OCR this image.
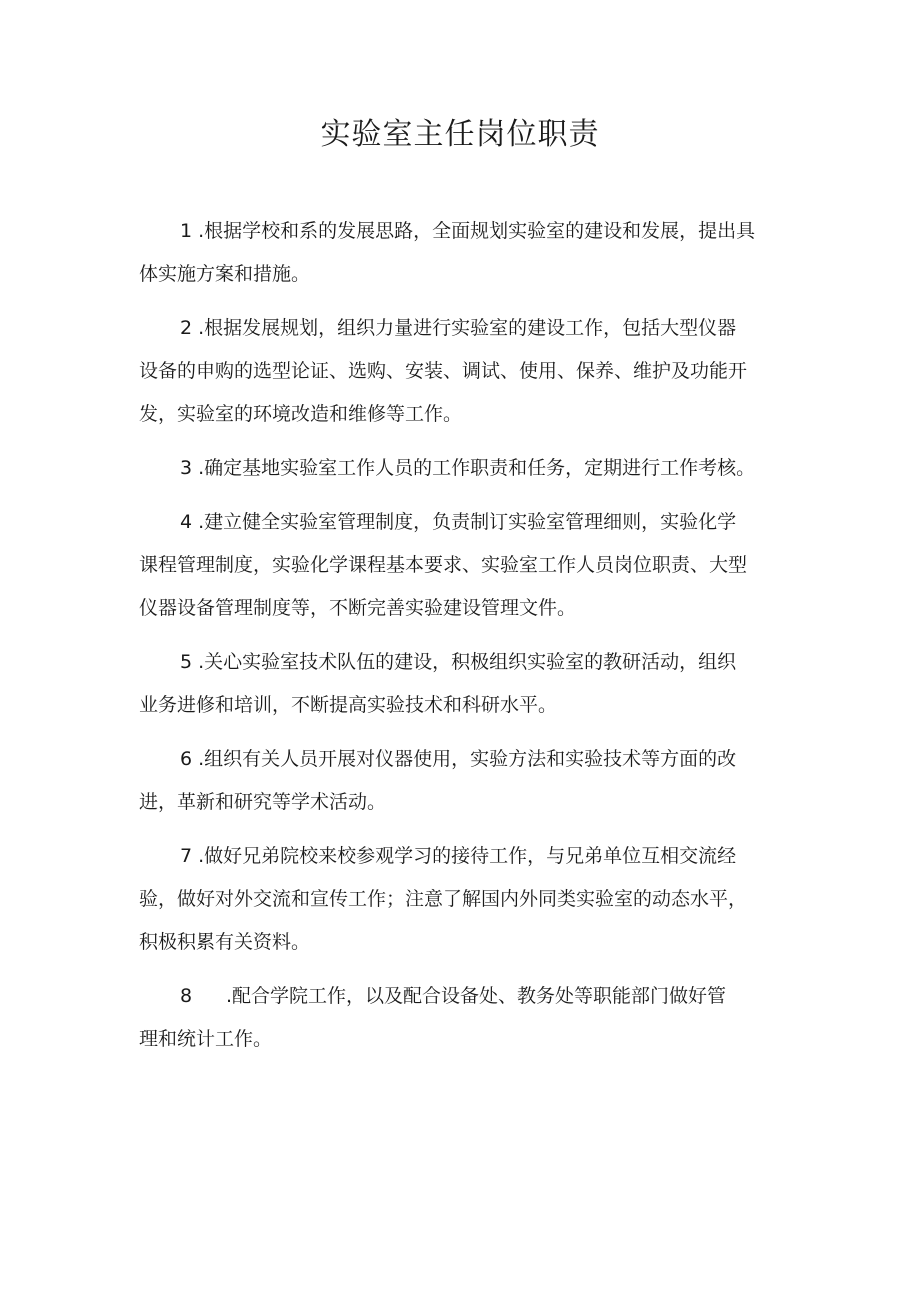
实验室主任岗位职责
1 .根据学校和系的发展思路，全面规划实验室的建设和发展，提出具
体实施方案和措施。
2 .根据发展规划，组织力量进行实验室的建设工作，包括大型仪器
设备的申购的选型论证、选购、安装、调试、使用、保养、维护及功能开
发，实验室的环境改造和维修等工作。
3 .确定基地实验室工作人员的工作职责和任务，定期进行工作考核。
4 .建立健全实验室管理制度，负责制订实验室管理细则，实验化学
课程管理制度，实验化学课程基本要求、实验室工作人员岗位职责、大型
仪器设备管理制度等，不断完善实验建设管理文件。
5 .关心实验室技术队伍的建设，积极组织实验室的教研活动，组织
业务进修和培训，不断提高实验技术和科研水平。
6 .组织有关人员开展对仪器使用，实验方法和实验技术等方面的改
进，革新和研究等学术活动。
7 .做好兄弟院校来校参观学习的接待工作，与兄弟单位互相交流经
验，做好对外交流和宣传工作；注意了解国内外同类实验室的动态水平，
积极积累有关资料。
8 .配合学院工作，以及配合设备处、教务处等职能部门做好管
理和统计工作。
